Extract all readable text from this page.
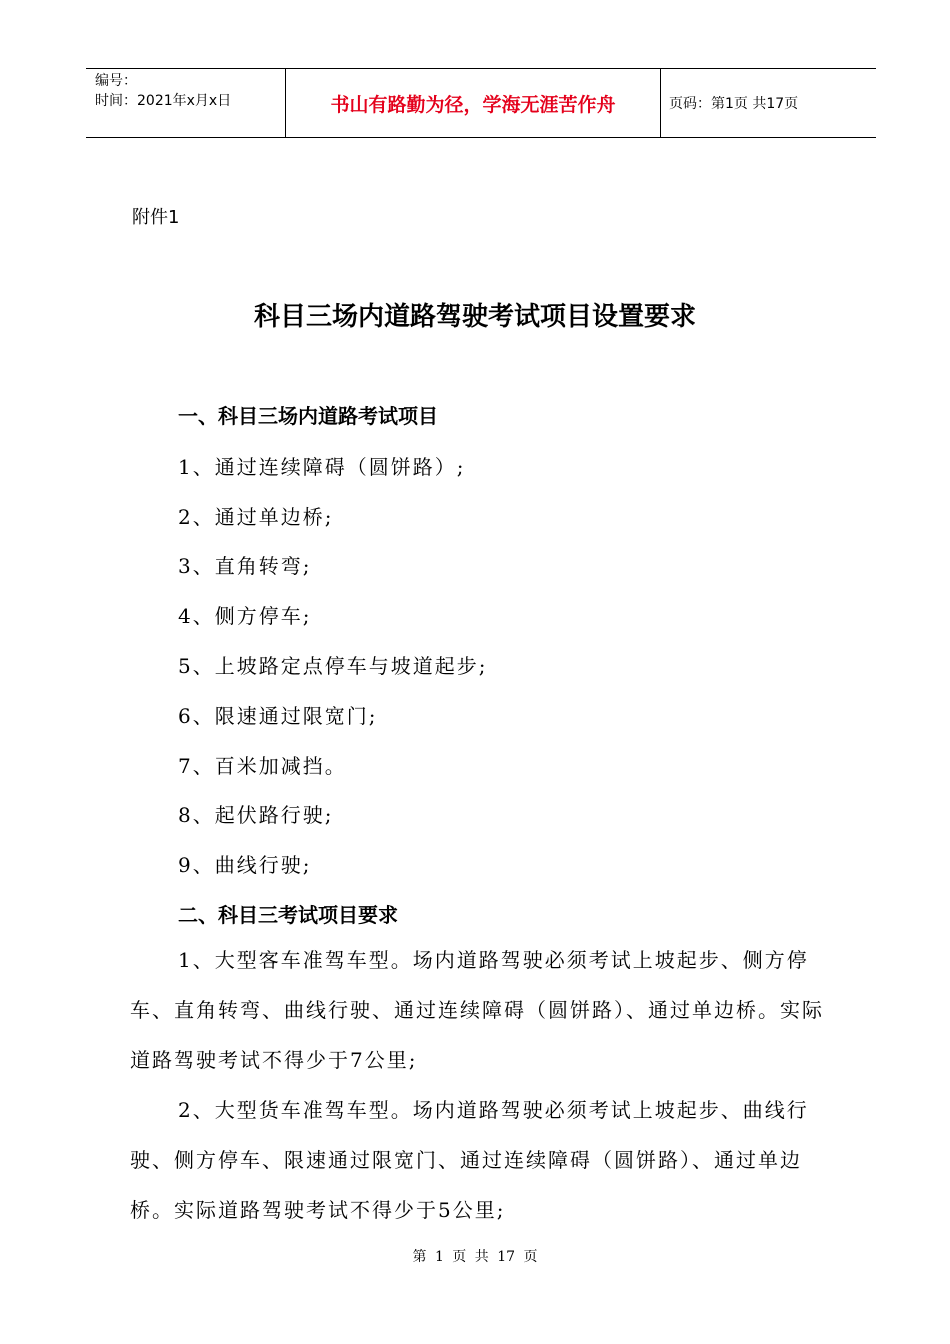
编号：
时间：2021年x月x日	书山有路勤为径，学海无涯苦作舟	页码：第1页 共17页
附件1
科目三场内道路驾驶考试项目设置要求
一、科目三场内道路考试项目
1、通过连续障碍（圆饼路）;
2、通过单边桥;
3、直角转弯;
4、侧方停车;
5、上坡路定点停车与坡道起步;
6、限速通过限宽门;
7、百米加减挡。
8、起伏路行驶;
9、曲线行驶;
二、科目三考试项目要求
1、大型客车准驾车型。场内道路驾驶必须考试上坡起步、侧方停车、直角转弯、曲线行驶、通过连续障碍（圆饼路）、通过单边桥。实际道路驾驶考试不得少于7公里;
2、大型货车准驾车型。场内道路驾驶必须考试上坡起步、曲线行驶、侧方停车、限速通过限宽门、通过连续障碍（圆饼路）、通过单边桥。实际道路驾驶考试不得少于5公里;
第 1 页 共 17 页
